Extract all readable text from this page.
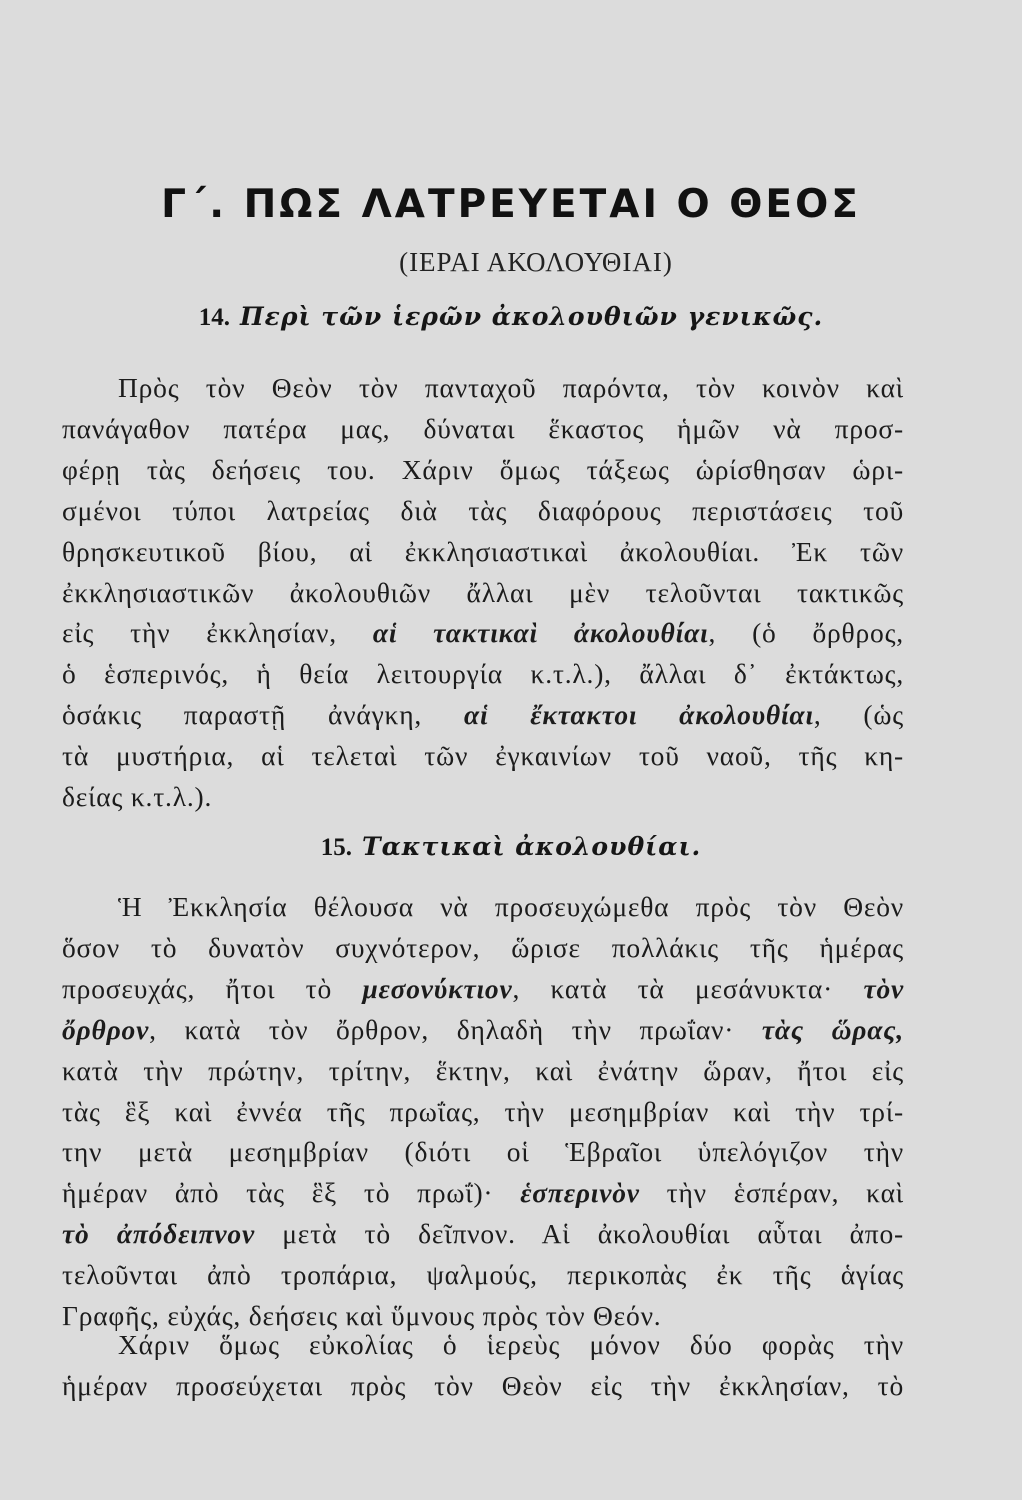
Γ΄. ΠΩΣ ΛΑΤΡΕΥΕΤΑΙ Ο ΘΕΟΣ
(ΙΕΡΑΙ ΑΚΟΛΟΥΘΙΑΙ)
14. Περὶ τῶν ἱερῶν ἀκολουθιῶν γενικῶς.
Πρὸς τὸν Θεὸν τὸν πανταχοῦ παρόντα, τὸν κοινὸν καὶ
πανάγαθον πατέρα μας, δύναται ἕκαστος ἡμῶν νὰ προσ-
φέρῃ τὰς δεήσεις του. Χάριν ὅμως τάξεως ὡρίσθησαν ὡρι-
σμένοι τύποι λατρείας διὰ τὰς διαφόρους περιστάσεις τοῦ
θρησκευτικοῦ βίου, αἱ ἐκκλησιαστικαὶ ἀκολουθίαι. Ἐκ τῶν
ἐκκλησιαστικῶν ἀκολουθιῶν ἄλλαι μὲν τελοῦνται τακτικῶς
εἰς τὴν ἐκκλησίαν, αἱ τακτικαὶ ἀκολουθίαι, (ὁ ὄρθρος,
ὁ ἑσπερινός, ἡ θεία λειτουργία κ.τ.λ.), ἄλλαι δ᾽ ἐκτάκτως,
ὁσάκις παραστῇ ἀνάγκη, αἱ ἔκτακτοι ἀκολουθίαι, (ὡς
τὰ μυστήρια, αἱ τελεταὶ τῶν ἐγκαινίων τοῦ ναοῦ, τῆς κη-
δείας κ.τ.λ.).
15. Τακτικαὶ ἀκολουθίαι.
Ἡ Ἐκκλησία θέλουσα νὰ προσευχώμεθα πρὸς τὸν Θεὸν
ὅσον τὸ δυνατὸν συχνότερον, ὥρισε πολλάκις τῆς ἡμέρας
προσευχάς, ἤτοι τὸ μεσονύκτιον, κατὰ τὰ μεσάνυκτα· τὸν
ὄρθρον, κατὰ τὸν ὄρθρον, δηλαδὴ τὴν πρωΐαν· τὰς ὥρας,
κατὰ τὴν πρώτην, τρίτην, ἕκτην, καὶ ἐνάτην ὥραν, ἤτοι εἰς
τὰς ἓξ καὶ ἐννέα τῆς πρωΐας, τὴν μεσημβρίαν καὶ τὴν τρί-
την μετὰ μεσημβρίαν (διότι οἱ Ἑβραῖοι ὑπελόγιζον τὴν
ἡμέραν ἀπὸ τὰς ἓξ τὸ πρωΐ)· ἑσπερινὸν τὴν ἑσπέραν, καὶ
τὸ ἀπόδειπνον μετὰ τὸ δεῖπνον. Αἱ ἀκολουθίαι αὗται ἀπο-
τελοῦνται ἀπὸ τροπάρια, ψαλμούς, περικοπὰς ἐκ τῆς ἁγίας
Γραφῆς, εὐχάς, δεήσεις καὶ ὕμνους πρὸς τὸν Θεόν.
Χάριν ὅμως εὐκολίας ὁ ἱερεὺς μόνον δύο φορὰς τὴν
ἡμέραν προσεύχεται πρὸς τὸν Θεὸν εἰς τὴν ἐκκλησίαν, τὸ
